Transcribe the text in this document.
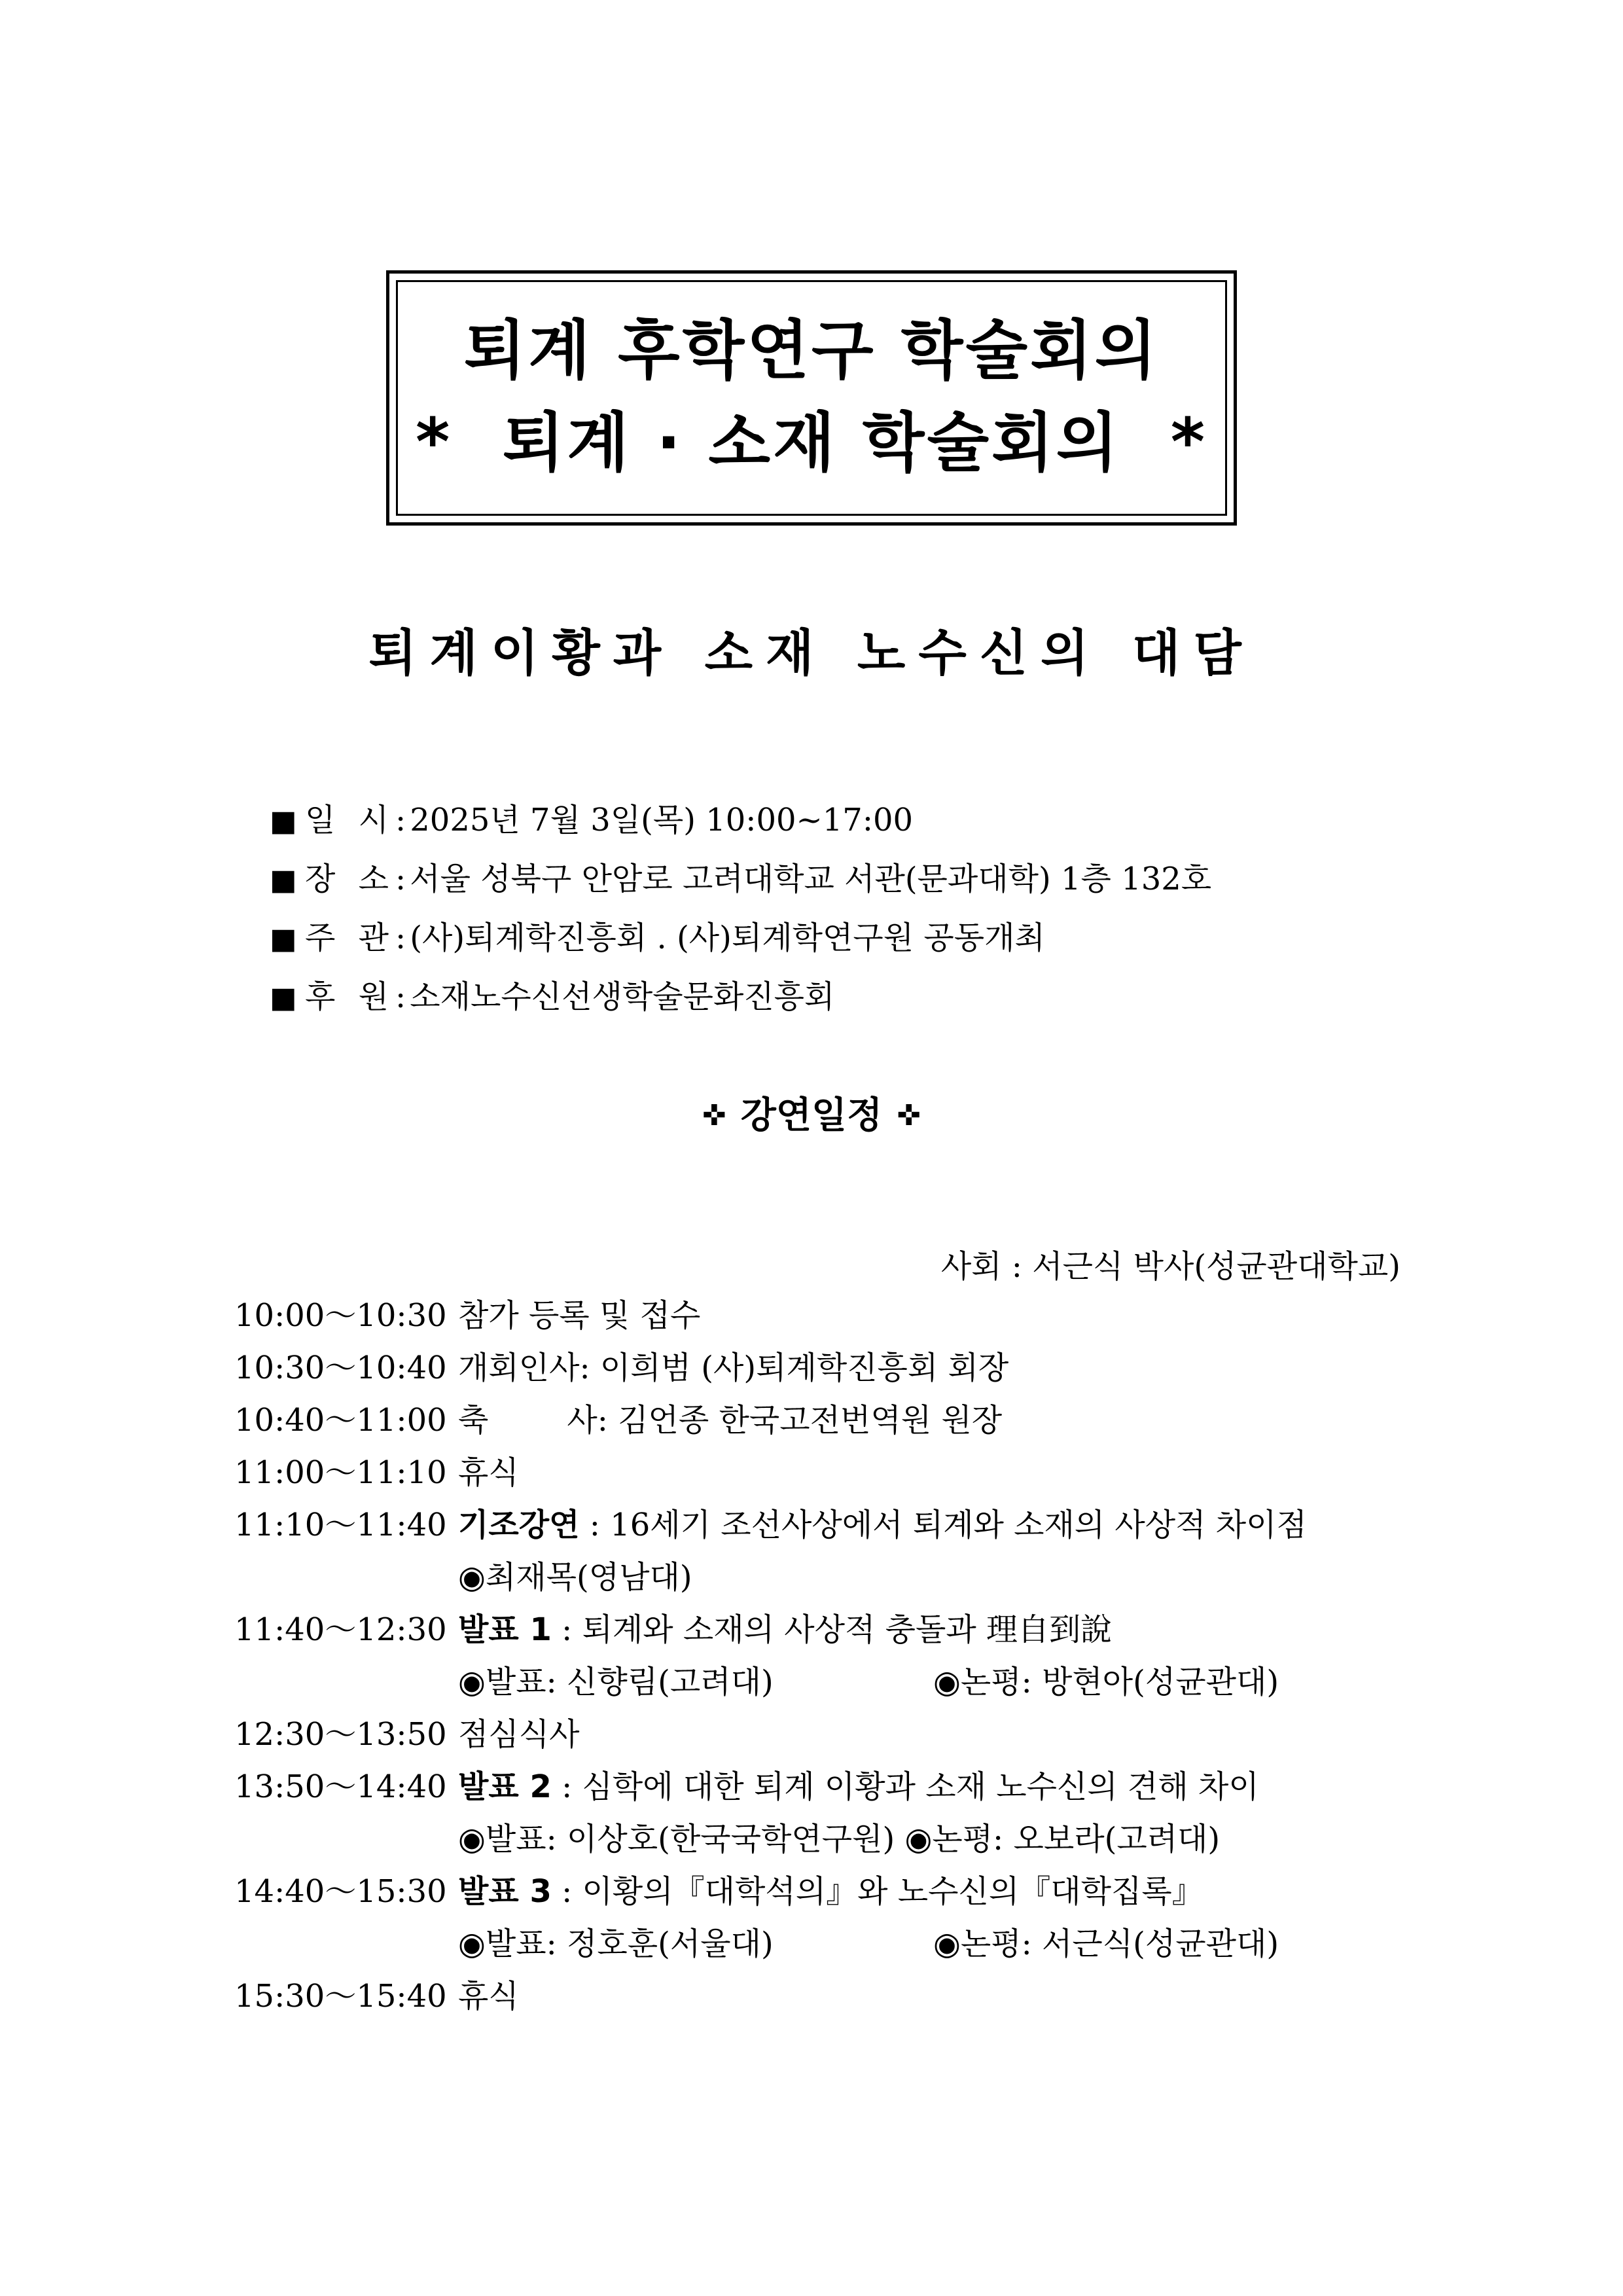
퇴계 후학연구 학술회의
* 퇴계 · 소재 학술회의 *
퇴계이황과 소재 노수신의 대담
■ 일 시: 2025년 7월 3일(목) 10:00~17:00
■ 장 소: 서울 성북구 안암로 고려대학교 서관(문과대학) 1층 132호
■ 주 관: (사)퇴계학진흥회 . (사)퇴계학연구원 공동개최
■ 후 원: 소재노수신선생학술문화진흥회
✜ 강연일정 ✜
사회 : 서근식 박사(성균관대학교)
10:00～10:30 참가 등록 및 접수
10:30～10:40 개회인사: 이희범 (사)퇴계학진흥회 회장
10:40～11:00 축	사: 김언종 한국고전번역원 원장
11:00～11:10 휴식
11:10～11:40 기조강연 : 16세기 조선사상에서 퇴계와 소재의 사상적 차이점
◉최재목(영남대)
11:40～12:30 발표 1 : 퇴계와 소재의 사상적 충돌과 理自到說
◉발표: 신향림(고려대)	◉논평: 방현아(성균관대)
12:30～13:50 점심식사
13:50～14:40 발표 2 : 심학에 대한 퇴계 이황과 소재 노수신의 견해 차이
◉발표: 이상호(한국국학연구원) ◉논평: 오보라(고려대)
14:40～15:30 발표 3 : 이황의『대학석의』와 노수신의『대학집록』
◉발표: 정호훈(서울대)	◉논평: 서근식(성균관대)
15:30～15:40 휴식
